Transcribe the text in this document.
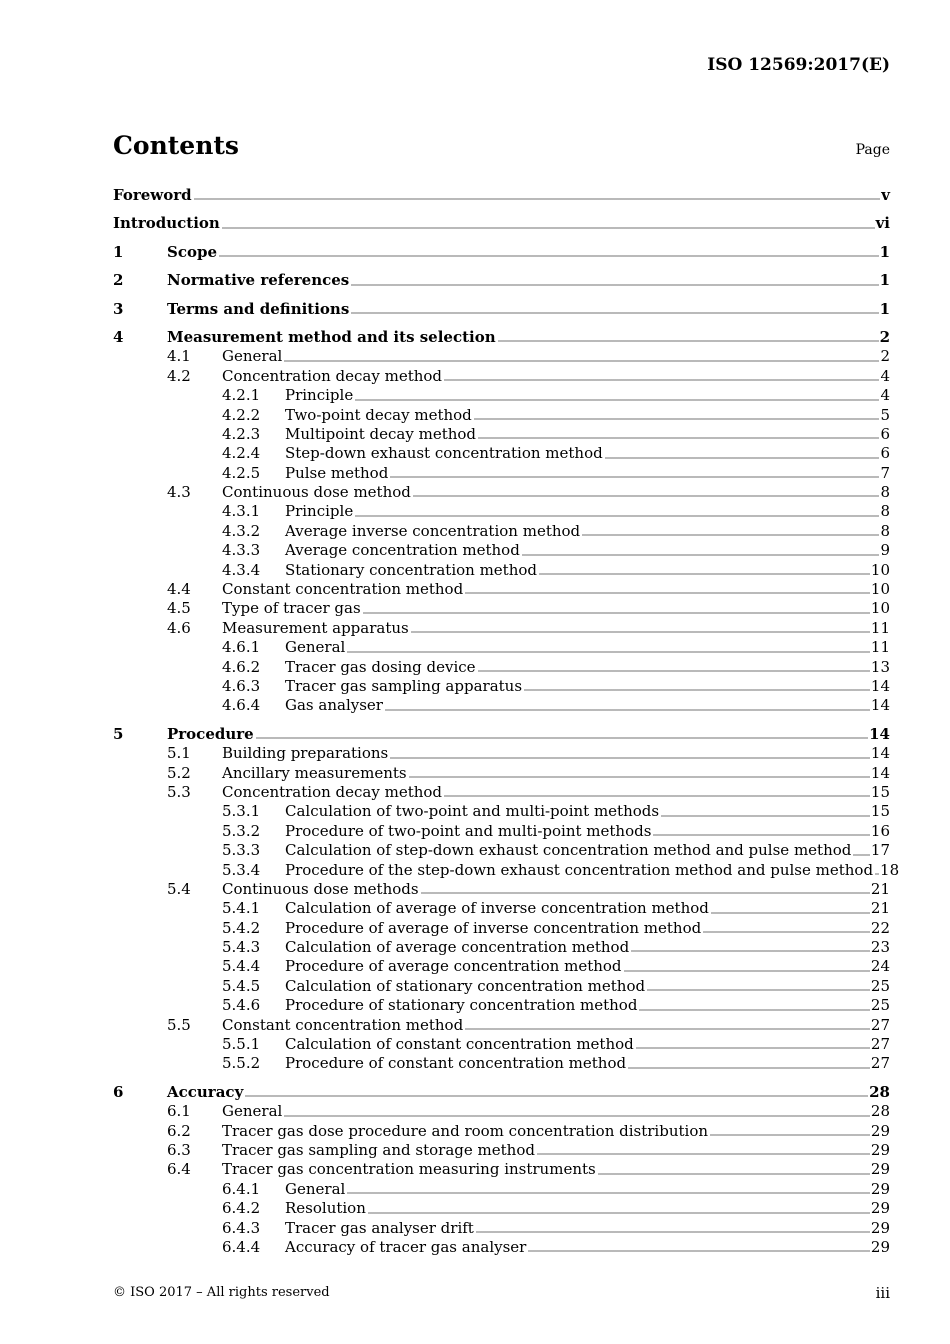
ISO 12569:2017(E)
Contents	Page
Foreword	v
Introduction	vi
1	Scope	1
2	Normative references	1
3	Terms and definitions	1
4	Measurement method and its selection	2
4.1 General	2
4.2 Concentration decay method	4
4.2.1 Principle	4
4.2.2 Two-point decay method	5
4.2.3 Multipoint decay method	6
4.2.4 Step-down exhaust concentration method	6
4.2.5 Pulse method	7
4.3 Continuous dose method	8
4.3.1 Principle	8
4.3.2 Average inverse concentration method	8
4.3.3 Average concentration method	9
4.3.4 Stationary concentration method	10
4.4 Constant concentration method	10
4.5 Type of tracer gas	10
4.6 Measurement apparatus	11
4.6.1 General	11
4.6.2 Tracer gas dosing device	13
4.6.3 Tracer gas sampling apparatus	14
4.6.4 Gas analyser	14
5	Procedure	14
5.1 Building preparations	14
5.2 Ancillary measurements	14
5.3 Concentration decay method	15
5.3.1 Calculation of two-point and multi-point methods	15
5.3.2 Procedure of two-point and multi-point methods	16
5.3.3 Calculation of step-down exhaust concentration method and pulse method 17
5.3.4 Procedure of the step-down exhaust concentration method and pulse method 18
5.4 Continuous dose methods	21
5.4.1 Calculation of average of inverse concentration method	21
5.4.2 Procedure of average of inverse concentration method	22
5.4.3 Calculation of average concentration method	23
5.4.4 Procedure of average concentration method	24
5.4.5 Calculation of stationary concentration method	25
5.4.6 Procedure of stationary concentration method	25
5.5 Constant concentration method	27
5.5.1 Calculation of constant concentration method	27
5.5.2 Procedure of constant concentration method	27
6	Accuracy	28
6.1 General	28
6.2 Tracer gas dose procedure and room concentration distribution	29
6.3 Tracer gas sampling and storage method	29
6.4 Tracer gas concentration measuring instruments	29
6.4.1 General	29
6.4.2 Resolution	29
6.4.3 Tracer gas analyser drift	29
6.4.4 Accuracy of tracer gas analyser	29
© ISO 2017 – All rights reserved	iii
